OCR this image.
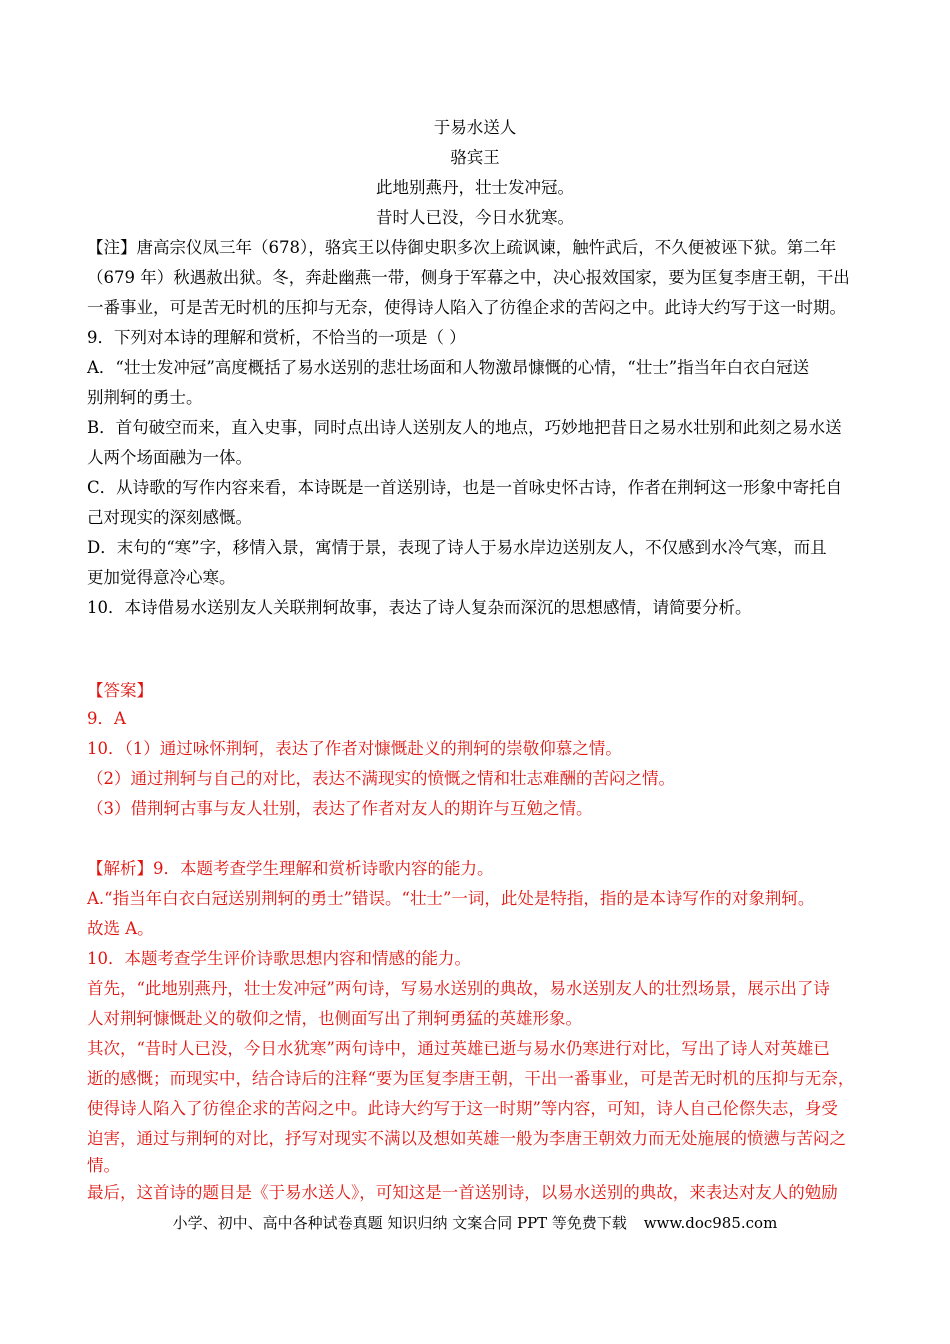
于易水送人
骆宾王
此地别燕丹，壮士发冲冠。
昔时人已没，今日水犹寒。
【注】唐高宗仪凤三年（678），骆宾王以侍御史职多次上疏讽谏，触忤武后，不久便被诬下狱。第二年
（679 年）秋遇赦出狱。冬，奔赴幽燕一带，侧身于军幕之中，决心报效国家，要为匡复李唐王朝，干出
一番事业，可是苦无时机的压抑与无奈，使得诗人陷入了彷徨企求的苦闷之中。此诗大约写于这一时期。
9．下列对本诗的理解和赏析，不恰当的一项是（ ）
A．“壮士发冲冠”高度概括了易水送别的悲壮场面和人物激昂慷慨的心情，“壮士”指当年白衣白冠送
别荆轲的勇士。
B．首句破空而来，直入史事，同时点出诗人送别友人的地点，巧妙地把昔日之易水壮别和此刻之易水送
人两个场面融为一体。
C．从诗歌的写作内容来看，本诗既是一首送别诗，也是一首咏史怀古诗，作者在荆轲这一形象中寄托自
己对现实的深刻感慨。
D．末句的“寒”字，移情入景，寓情于景，表现了诗人于易水岸边送别友人，不仅感到水冷气寒，而且
更加觉得意冷心寒。
10．本诗借易水送别友人关联荆轲故事，表达了诗人复杂而深沉的思想感情，请简要分析。
【答案】
9．A
10．（1）通过咏怀荆轲，表达了作者对慷慨赴义的荆轲的崇敬仰慕之情。
（2）通过荆轲与自己的对比，表达不满现实的愤慨之情和壮志难酬的苦闷之情。
（3）借荆轲古事与友人壮别，表达了作者对友人的期许与互勉之情。
【解析】9．本题考查学生理解和赏析诗歌内容的能力。
A.“指当年白衣白冠送别荆轲的勇士”错误。“壮士”一词，此处是特指，指的是本诗写作的对象荆轲。
故选 A。
10．本题考查学生评价诗歌思想内容和情感的能力。
首先，“此地别燕丹，壮士发冲冠”两句诗，写易水送别的典故，易水送别友人的壮烈场景，展示出了诗
人对荆轲慷慨赴义的敬仰之情，也侧面写出了荆轲勇猛的英雄形象。
其次，“昔时人已没，今日水犹寒”两句诗中，通过英雄已逝与易水仍寒进行对比，写出了诗人对英雄已
逝的感慨；而现实中，结合诗后的注释“要为匡复李唐王朝，干出一番事业，可是苦无时机的压抑与无奈，
使得诗人陷入了彷徨企求的苦闷之中。此诗大约写于这一时期”等内容，可知，诗人自己伦傺失志，身受
迫害，通过与荆轲的对比，抒写对现实不满以及想如英雄一般为李唐王朝效力而无处施展的愤懑与苦闷之
情。
最后，这首诗的题目是《于易水送人》，可知这是一首送别诗，以易水送别的典故，来表达对友人的勉励
小学、初中、高中各种试卷真题 知识归纳 文案合同 PPT 等免费下载 www.doc985.com
